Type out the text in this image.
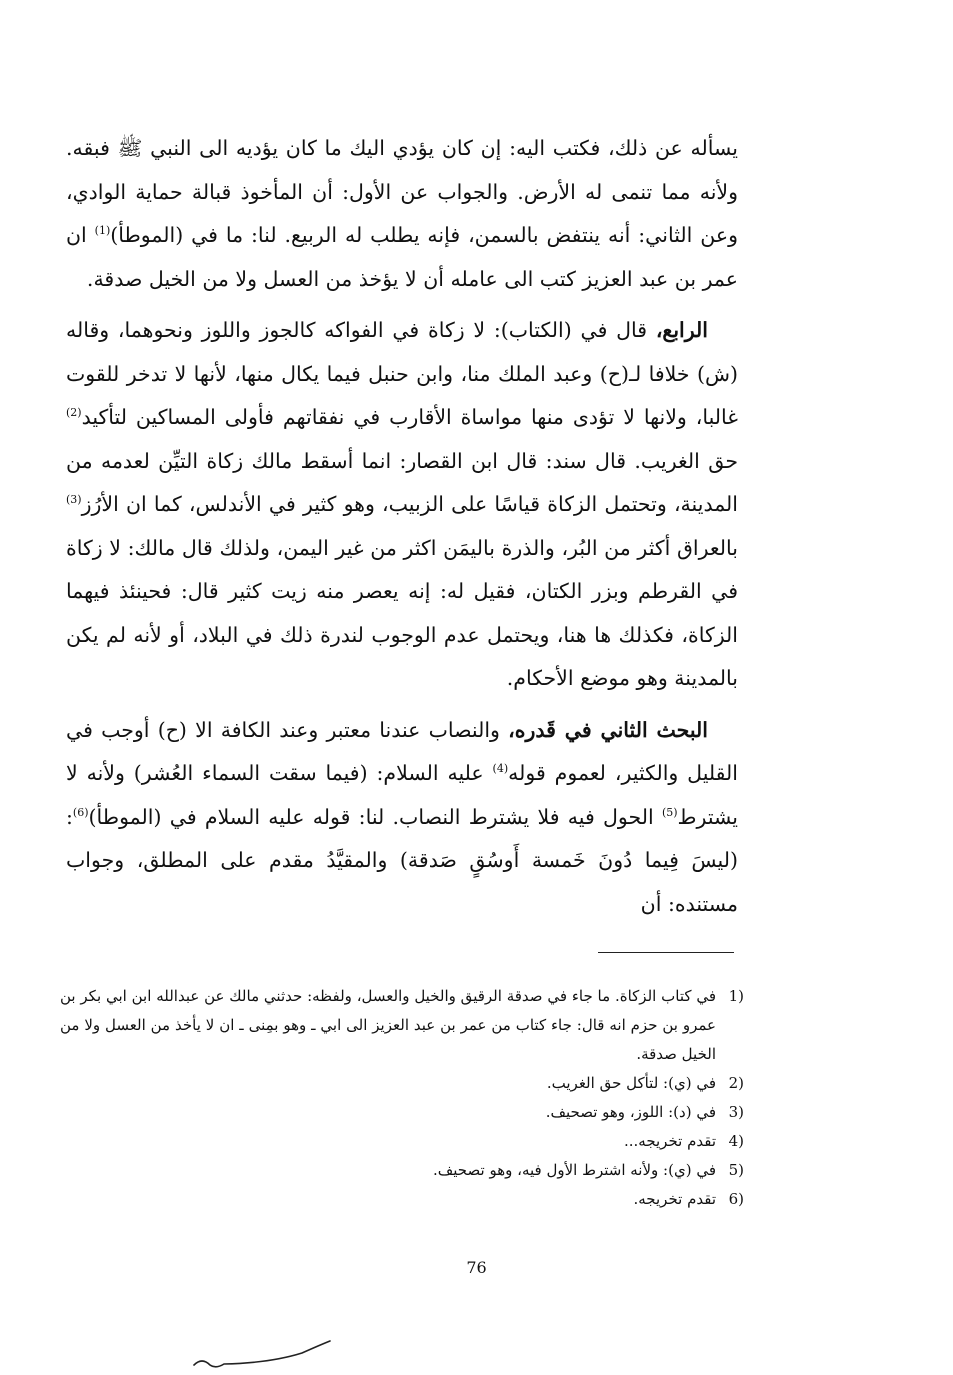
يسأله عن ذلك، فكتب اليه: إن كان يؤدي اليك ما كان يؤديه الى النبي ﷺ فبقه. ولأنه مما تنمى له الأرض. والجواب عن الأول: أن المأخوذ قبالة حماية الوادي، وعن الثاني: أنه ينتفض بالسمن، فإنه يطلب له الربيع. لنا: ما في (الموطأ)$^{(1)}$ ان عمر بن عبد العزيز كتب الى عامله أن لا يؤخذ من العسل ولا من الخيل صدقة.

الرابع، قال في (الكتاب): لا زكاة في الفواكه كالجوز واللوز ونحوهما، وقاله (ش) خلافا لـ(ح) وعبد الملك منا، وابن حنبل فيما يكال منها، لأنها لا تدخر للقوت غالبا، ولانها لا تؤدى منها مواساة الأقارب في نفقاتهم فأولى المساكين لتأكيد$^{(2)}$ حق الغريب. قال سند: قال ابن القصار: انما أسقط مالك زكاة التيِّن لعدمه من المدينة، وتحتمل الزكاة قياسًا على الزبيب، وهو كثير في الأندلس، كما ان الأرُز$^{(3)}$ بالعراق أكثر من البُر، والذرة باليمَن اكثر من غير اليمن، ولذلك قال مالك: لا زكاة في القرطم وبزر الكتان، فقيل له: إنه يعصر منه زيت كثير قال: فحينئذ فيهما الزكاة، فكذلك ها هنا، ويحتمل عدم الوجوب لندرة ذلك في البلاد، أو لأنه لم يكن بالمدينة وهو موضع الأحكام.

البحث الثاني في قَدره، والنصاب عندنا معتبر وعند الكافة الا (ح) أوجب في القليل والكثير، لعموم قوله$^{(4)}$ عليه السلام: (فيما سقت السماء العُشر) ولأنه لا يشترط$^{(5)}$ الحول فيه فلا يشترط النصاب. لنا: قوله عليه السلام في (الموطأ)$^{(6)}$: (ليسَ فِيما دُونَ خَمسة أَوسُقٍ صَدقة) والمقيَّدُ مقدم على المطلق، وجواب مستنده: أن

1)
في كتاب الزكاة. ما جاء في صدقة الرقيق والخيل والعسل، ولفظه: حدثني مالك عن عبدالله ابن ابي بكر بن عمرو بن حزم انه قال: جاء كتاب من عمر بن عبد العزيز الى ابي ـ وهو بمِنى ـ ان لا يأخذ من العسل ولا من الخيل صدقة.
2)
في (ي): لتأكل حق الغريب.
3)
في (د): اللوز، وهو تصحيف.
4)
تقدم تخريجه...
5)
في (ي): ولأنه اشترط الأول فيه، وهو تصحيف.
6)
تقدم تخريجه.
76
